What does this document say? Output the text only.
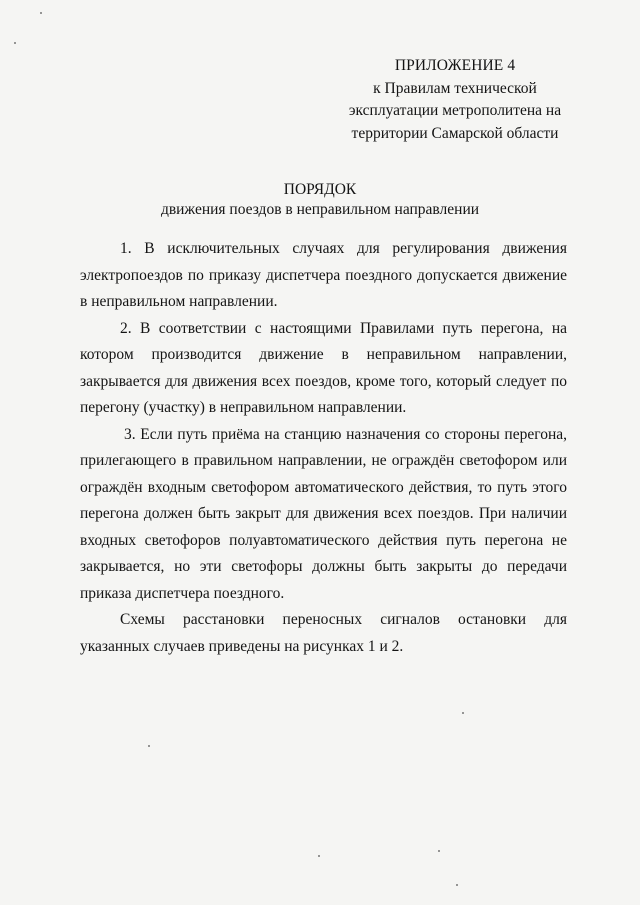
ПРИЛОЖЕНИЕ 4
к Правилам технической
эксплуатации метрополитена на
территории Самарской области
ПОРЯДОК
движения поездов в неправильном направлении

1. В исключительных случаях для регулирования движения электропоездов по приказу диспетчера поездного допускается движение в неправильном направлении.

2. В соответствии с настоящими Правилами путь перегона, на котором производится движение в неправильном направлении, закрывается для движения всех поездов, кроме того, который следует по перегону (участку) в неправильном направлении.

3. Если путь приёма на станцию назначения со стороны перегона, прилегающего в правильном направлении, не ограждён светофором или ограждён входным светофором автоматического действия, то путь этого перегона должен быть закрыт для движения всех поездов. При наличии входных светофоров полуавтоматического действия путь перегона не закрывается, но эти светофоры должны быть закрыты до передачи приказа диспетчера поездного.

Схемы расстановки переносных сигналов остановки для указанных случаев приведены на рисунках 1 и 2.
